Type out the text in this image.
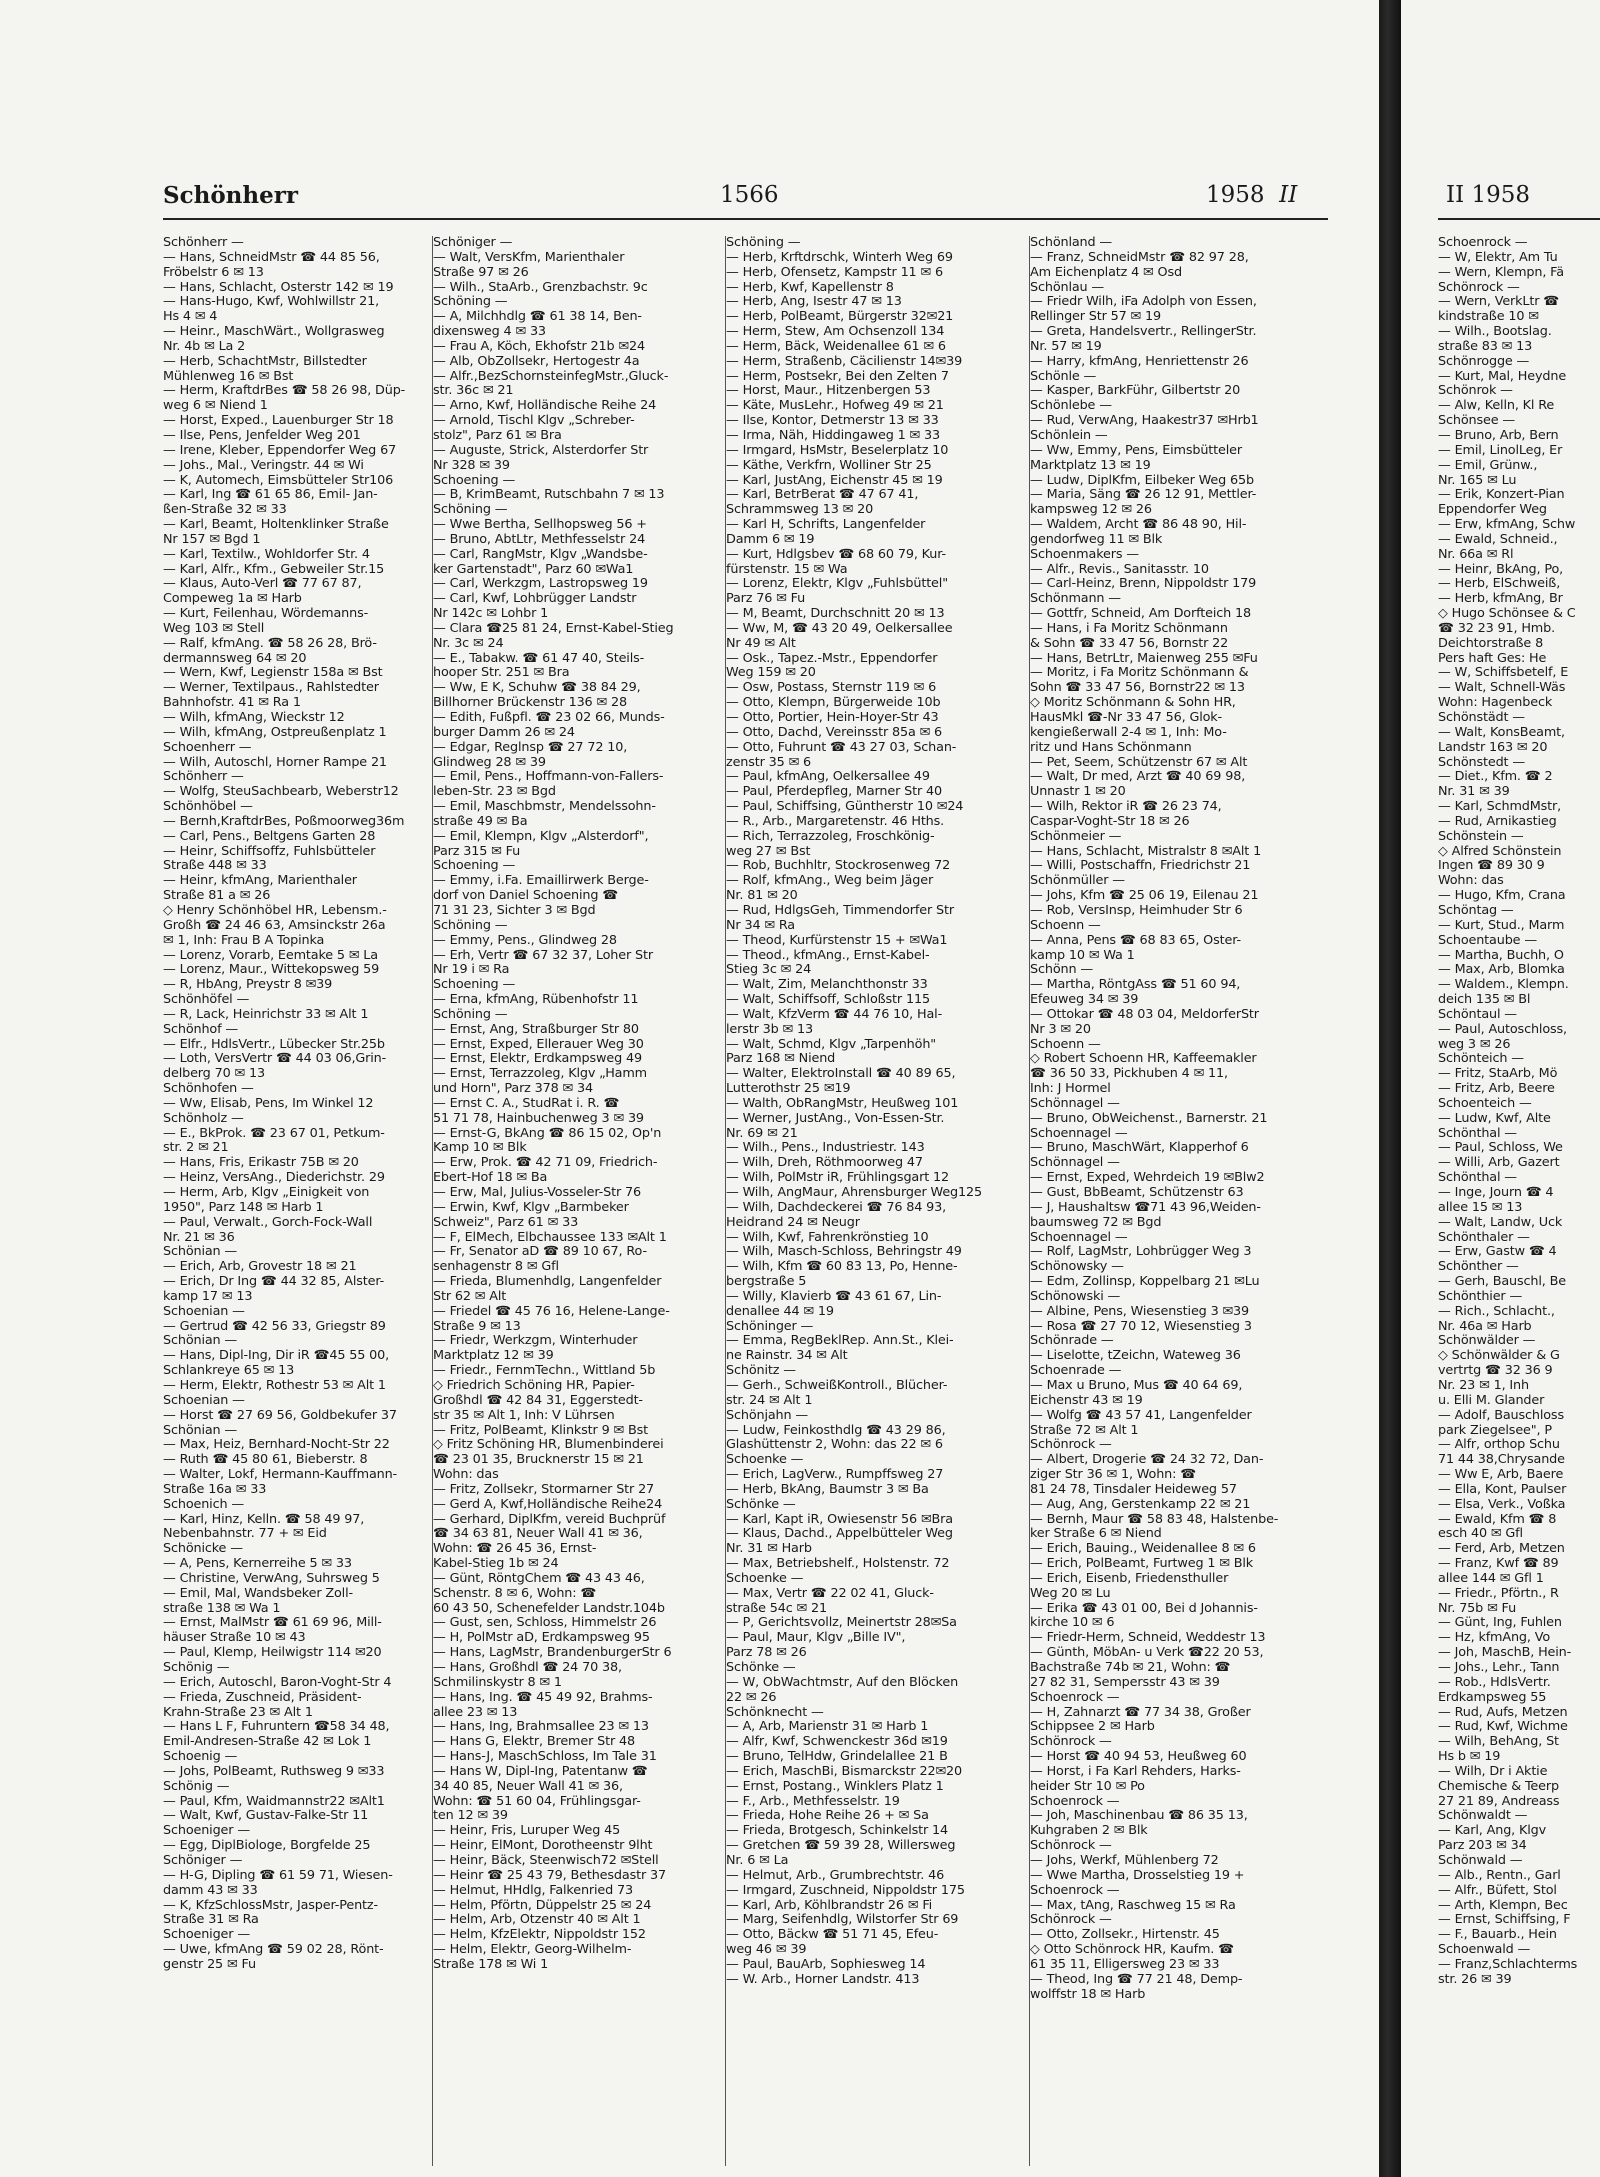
Schönherr	1566	1958 II	II 1958
Schönherr —
— Hans, SchneidMstr ☎ 44 85 56,
Fröbelstr 6 ✉ 13
— Hans, Schlacht, Osterstr 142 ✉ 19
— Hans-Hugo, Kwf, Wohlwillstr 21,
Hs 4 ✉ 4
— Heinr., MaschWärt., Wollgrasweg
Nr. 4b ✉ La 2
— Herb, SchachtMstr, Billstedter
Mühlenweg 16 ✉ Bst
— Herm, KraftdrBes ☎ 58 26 98, Düp-
weg 6 ✉ Niend 1
— Horst, Exped., Lauenburger Str 18
— Ilse, Pens, Jenfelder Weg 201
— Irene, Kleber, Eppendorfer Weg 67
— Johs., Mal., Veringstr. 44 ✉ Wi
— K, Automech, Eimsbütteler Str106
— Karl, Ing ☎ 61 65 86, Emil- Jan-
ßen-Straße 32 ✉ 33
— Karl, Beamt, Holtenklinker Straße
Nr 157 ✉ Bgd 1
— Karl, Textilw., Wohldorfer Str. 4
— Karl, Alfr., Kfm., Gebweiler Str.15
— Klaus, Auto-Verl ☎ 77 67 87,
Compeweg 1a ✉ Harb
— Kurt, Feilenhau, Wördemanns-
Weg 103 ✉ Stell
— Ralf, kfmAng. ☎ 58 26 28, Brö-
dermannsweg 64 ✉ 20
— Wern, Kwf, Legienstr 158a ✉ Bst
— Werner, Textilpaus., Rahlstedter
Bahnhofstr. 41 ✉ Ra 1
— Wilh, kfmAng, Wieckstr 12
— Wilh, kfmAng, Ostpreußenplatz 1
Schoenherr —
— Wilh, Autoschl, Horner Rampe 21
Schönherr —
— Wolfg, SteuSachbearb, Weberstr12
Schönhöbel —
— Bernh,KraftdrBes, Poßmoorweg36m
— Carl, Pens., Beltgens Garten 28
— Heinr, Schiffsoffz, Fuhlsbütteler
Straße 448 ✉ 33
— Heinr, kfmAng, Marienthaler
Straße 81 a ✉ 26
◇ Henry Schönhöbel HR, Lebensm.-
Großh ☎ 24 46 63, Amsinckstr 26a
✉ 1, Inh: Frau B A Topinka
— Lorenz, Vorarb, Eemtake 5 ✉ La
— Lorenz, Maur., Wittekopsweg 59
— R, HbAng, Preystr 8 ✉39
Schönhöfel —
— R, Lack, Heinrichstr 33 ✉ Alt 1
Schönhof —
— Elfr., HdlsVertr., Lübecker Str.25b
— Loth, VersVertr ☎ 44 03 06,Grin-
delberg 70 ✉ 13
Schönhofen —
— Ww, Elisab, Pens, Im Winkel 12
Schönholz —
— E., BkProk. ☎ 23 67 01, Petkum-
str. 2 ✉ 21
— Hans, Fris, Erikastr 75B ✉ 20
— Heinz, VersAng., Diederichstr. 29
— Herm, Arb, Klgv „Einigkeit von
1950", Parz 148 ✉ Harb 1
— Paul, Verwalt., Gorch-Fock-Wall
Nr. 21 ✉ 36
Schönian —
— Erich, Arb, Grovestr 18 ✉ 21
— Erich, Dr Ing ☎ 44 32 85, Alster-
kamp 17 ✉ 13
Schoenian —
— Gertrud ☎ 42 56 33, Griegstr 89
Schönian —
— Hans, Dipl-Ing, Dir iR ☎45 55 00,
Schlankreye 65 ✉ 13
— Herm, Elektr, Rothestr 53 ✉ Alt 1
Schoenian —
— Horst ☎ 27 69 56, Goldbekufer 37
Schönian —
— Max, Heiz, Bernhard-Nocht-Str 22
— Ruth ☎ 45 80 61, Bieberstr. 8
— Walter, Lokf, Hermann-Kauffmann-
Straße 16a ✉ 33
Schoenich —
— Karl, Hinz, Kelln. ☎ 58 49 97,
Nebenbahnstr. 77 + ✉ Eid
Schönicke —
— A, Pens, Kernerreihe 5 ✉ 33
— Christine, VerwAng, Suhrsweg 5
— Emil, Mal, Wandsbeker Zoll-
straße 138 ✉ Wa 1
— Ernst, MalMstr ☎ 61 69 96, Mill-
häuser Straße 10 ✉ 43
— Paul, Klemp, Heilwigstr 114 ✉20
Schönig —
— Erich, Autoschl, Baron-Voght-Str 4
— Frieda, Zuschneid, Präsident-
Krahn-Straße 23 ✉ Alt 1
— Hans L F, Fuhruntern ☎58 34 48,
Emil-Andresen-Straße 42 ✉ Lok 1
Schoenig —
— Johs, PolBeamt, Ruthsweg 9 ✉33
Schönig —
— Paul, Kfm, Waidmannstr22 ✉Alt1
— Walt, Kwf, Gustav-Falke-Str 11
Schoeniger —
— Egg, DiplBiologe, Borgfelde 25
Schöniger —
— H-G, Dipling ☎ 61 59 71, Wiesen-
damm 43 ✉ 33
— K, KfzSchlossMstr, Jasper-Pentz-
Straße 31 ✉ Ra
Schoeniger —
— Uwe, kfmAng ☎ 59 02 28, Rönt-
genstr 25 ✉ Fu
Schöniger —
— Walt, VersKfm, Marienthaler
Straße 97 ✉ 26
— Wilh., StaArb., Grenzbachstr. 9c
Schöning —
— A, Milchhdlg ☎ 61 38 14, Ben-
dixensweg 4 ✉ 33
— Frau A, Köch, Ekhofstr 21b ✉24
— Alb, ObZollsekr, Hertogestr 4a
— Alfr.,BezSchornsteinfegMstr.,Gluck-
str. 36c ✉ 21
— Arno, Kwf, Holländische Reihe 24
— Arnold, Tischl Klgv „Schreber-
stolz", Parz 61 ✉ Bra
— Auguste, Strick, Alsterdorfer Str
Nr 328 ✉ 39
Schoening —
— B, KrimBeamt, Rutschbahn 7 ✉ 13
Schöning —
— Wwe Bertha, Sellhopsweg 56 +
— Bruno, AbtLtr, Methfesselstr 24
— Carl, RangMstr, Klgv „Wandsbe-
ker Gartenstadt", Parz 60 ✉Wa1
— Carl, Werkzgm, Lastropsweg 19
— Carl, Kwf, Lohbrügger Landstr
Nr 142c ✉ Lohbr 1
— Clara ☎25 81 24, Ernst-Kabel-Stieg
Nr. 3c ✉ 24
— E., Tabakw. ☎ 61 47 40, Steils-
hooper Str. 251 ✉ Bra
— Ww, E K, Schuhw ☎ 38 84 29,
Billhorner Brückenstr 136 ✉ 28
— Edith, Fußpfl. ☎ 23 02 66, Munds-
burger Damm 26 ✉ 24
— Edgar, Reglnsp ☎ 27 72 10,
Glindweg 28 ✉ 39
— Emil, Pens., Hoffmann-von-Fallers-
leben-Str. 23 ✉ Bgd
— Emil, Maschbmstr, Mendelssohn-
straße 49 ✉ Ba
— Emil, Klempn, Klgv „Alsterdorf",
Parz 315 ✉ Fu
Schoening —
— Emmy, i.Fa. Emaillirwerk Berge-
dorf von Daniel Schoening ☎
71 31 23, Sichter 3 ✉ Bgd
Schöning —
— Emmy, Pens., Glindweg 28
— Erh, Vertr ☎ 67 32 37, Loher Str
Nr 19 i ✉ Ra
Schoening —
— Erna, kfmAng, Rübenhofstr 11
Schöning —
— Ernst, Ang, Straßburger Str 80
— Ernst, Exped, Ellerauer Weg 30
— Ernst, Elektr, Erdkampsweg 49
— Ernst, Terrazzoleg, Klgv „Hamm
und Horn", Parz 378 ✉ 34
— Ernst C. A., StudRat i. R. ☎
51 71 78, Hainbuchenweg 3 ✉ 39
— Ernst-G, BkAng ☎ 86 15 02, Op'n
Kamp 10 ✉ Blk
— Erw, Prok. ☎ 42 71 09, Friedrich-
Ebert-Hof 18 ✉ Ba
— Erw, Mal, Julius-Vosseler-Str 76
— Erwin, Kwf, Klgv „Barmbeker
Schweiz", Parz 61 ✉ 33
— F, ElMech, Elbchaussee 133 ✉Alt 1
— Fr, Senator aD ☎ 89 10 67, Ro-
senhagenstr 8 ✉ Gfl
— Frieda, Blumenhdlg, Langenfelder
Str 62 ✉ Alt
— Friedel ☎ 45 76 16, Helene-Lange-
Straße 9 ✉ 13
— Friedr, Werkzgm, Winterhuder
Marktplatz 12 ✉ 39
— Friedr., FernmTechn., Wittland 5b
◇ Friedrich Schöning HR, Papier-
Großhdl ☎ 42 84 31, Eggerstedt-
str 35 ✉ Alt 1, Inh: V Lührsen
— Fritz, PolBeamt, Klinkstr 9 ✉ Bst
◇ Fritz Schöning HR, Blumenbinderei
☎ 23 01 35, Brucknerstr 15 ✉ 21
Wohn: das
— Fritz, Zollsekr, Stormarner Str 27
— Gerd A, Kwf,Holländische Reihe24
— Gerhard, DiplKfm, vereid Buchprüf
☎ 34 63 81, Neuer Wall 41 ✉ 36,
Wohn: ☎ 26 45 36, Ernst-
Kabel-Stieg 1b ✉ 24
— Günt, RöntgChem ☎ 43 43 46,
Schenstr. 8 ✉ 6, Wohn: ☎
60 43 50, Schenefelder Landstr.104b
— Gust, sen, Schloss, Himmelstr 26
— H, PolMstr aD, Erdkampsweg 95
— Hans, LagMstr, BrandenburgerStr 6
— Hans, Großhdl ☎ 24 70 38,
Schmilinskystr 8 ✉ 1
— Hans, Ing. ☎ 45 49 92, Brahms-
allee 23 ✉ 13
— Hans, Ing, Brahmsallee 23 ✉ 13
— Hans G, Elektr, Bremer Str 48
— Hans-J, MaschSchloss, Im Tale 31
— Hans W, Dipl-Ing, Patentanw ☎
34 40 85, Neuer Wall 41 ✉ 36,
Wohn: ☎ 51 60 04, Frühlingsgar-
ten 12 ✉ 39
— Heinr, Fris, Luruper Weg 45
— Heinr, ElMont, Dorotheenstr 9lht
— Heinr, Bäck, Steenwisch72 ✉Stell
— Heinr ☎ 25 43 79, Bethesdastr 37
— Helmut, HHdlg, Falkenried 73
— Helm, Pförtn, Düppelstr 25 ✉ 24
— Helm, Arb, Otzenstr 40 ✉ Alt 1
— Helm, KfzElektr, Nippoldstr 152
— Helm, Elektr, Georg-Wilhelm-
Straße 178 ✉ Wi 1
Schöning —
— Herb, Krftdrschk, Winterh Weg 69
— Herb, Ofensetz, Kampstr 11 ✉ 6
— Herb, Kwf, Kapellenstr 8
— Herb, Ang, Isestr 47 ✉ 13
— Herb, PolBeamt, Bürgerstr 32✉21
— Herm, Stew, Am Ochsenzoll 134
— Herm, Bäck, Weidenallee 61 ✉ 6
— Herm, Straßenb, Cäcilienstr 14✉39
— Herm, Postsekr, Bei den Zelten 7
— Horst, Maur., Hitzenbergen 53
— Käte, MusLehr., Hofweg 49 ✉ 21
— Ilse, Kontor, Detmerstr 13 ✉ 33
— Irma, Näh, Hiddingaweg 1 ✉ 33
— Irmgard, HsMstr, Beselerplatz 10
— Käthe, Verkfrn, Wolliner Str 25
— Karl, JustAng, Eichenstr 45 ✉ 19
— Karl, BetrBerat ☎ 47 67 41,
Schrammsweg 13 ✉ 20
— Karl H, Schrifts, Langenfelder
Damm 6 ✉ 19
— Kurt, Hdlgsbev ☎ 68 60 79, Kur-
fürstenstr. 15 ✉ Wa
— Lorenz, Elektr, Klgv „Fuhlsbüttel"
Parz 76 ✉ Fu
— M, Beamt, Durchschnitt 20 ✉ 13
— Ww, M, ☎ 43 20 49, Oelkersallee
Nr 49 ✉ Alt
— Osk., Tapez.-Mstr., Eppendorfer
Weg 159 ✉ 20
— Osw, Postass, Sternstr 119 ✉ 6
— Otto, Klempn, Bürgerweide 10b
— Otto, Portier, Hein-Hoyer-Str 43
— Otto, Dachd, Vereinsstr 85a ✉ 6
— Otto, Fuhrunt ☎ 43 27 03, Schan-
zenstr 35 ✉ 6
— Paul, kfmAng, Oelkersallee 49
— Paul, Pferdepfleg, Marner Str 40
— Paul, Schiffsing, Güntherstr 10 ✉24
— R., Arb., Margaretenstr. 46 Hths.
— Rich, Terrazzoleg, Froschkönig-
weg 27 ✉ Bst
— Rob, Buchhltr, Stockrosenweg 72
— Rolf, kfmAng., Weg beim Jäger
Nr. 81 ✉ 20
— Rud, HdlgsGeh, Timmendorfer Str
Nr 34 ✉ Ra
— Theod, Kurfürstenstr 15 + ✉Wa1
— Theod., kfmAng., Ernst-Kabel-
Stieg 3c ✉ 24
— Walt, Zim, Melanchthonstr 33
— Walt, Schiffsoff, Schloßstr 115
— Walt, KfzVerm ☎ 44 76 10, Hal-
lerstr 3b ✉ 13
— Walt, Schmd, Klgv „Tarpenhöh"
Parz 168 ✉ Niend
— Walter, ElektroInstall ☎ 40 89 65,
Lutterothstr 25 ✉19
— Walth, ObRangMstr, Heußweg 101
— Werner, JustAng., Von-Essen-Str.
Nr. 69 ✉ 21
— Wilh., Pens., Industriestr. 143
— Wilh, Dreh, Röthmoorweg 47
— Wilh, PolMstr iR, Frühlingsgart 12
— Wilh, AngMaur, Ahrensburger Weg125
— Wilh, Dachdeckerei ☎ 76 84 93,
Heidrand 24 ✉ Neugr
— Wilh, Kwf, Fahrenkrönstieg 10
— Wilh, Masch-Schloss, Behringstr 49
— Wilh, Kfm ☎ 60 83 13, Po, Henne-
bergstraße 5
— Willy, Klavierb ☎ 43 61 67, Lin-
denallee 44 ✉ 19
Schöninger —
— Emma, RegBeklRep. Ann.St., Klei-
ne Rainstr. 34 ✉ Alt
Schönitz —
— Gerh., SchweißKontroll., Blücher-
str. 24 ✉ Alt 1
Schönjahn —
— Ludw, Feinkosthdlg ☎ 43 29 86,
Glashüttenstr 2, Wohn: das 22 ✉ 6
Schoenke —
— Erich, LagVerw., Rumpffsweg 27
— Herb, BkAng, Baumstr 3 ✉ Ba
Schönke —
— Karl, Kapt iR, Owiesenstr 56 ✉Bra
— Klaus, Dachd., Appelbütteler Weg
Nr. 31 ✉ Harb
— Max, Betriebshelf., Holstenstr. 72
Schoenke —
— Max, Vertr ☎ 22 02 41, Gluck-
straße 54c ✉ 21
— P, Gerichtsvollz, Meinertstr 28✉Sa
— Paul, Maur, Klgv „Bille IV",
Parz 78 ✉ 26
Schönke —
— W, ObWachtmstr, Auf den Blöcken
22 ✉ 26
Schönknecht —
— A, Arb, Marienstr 31 ✉ Harb 1
— Alfr, Kwf, Schwenckestr 36d ✉19
— Bruno, TelHdw, Grindelallee 21 B
— Erich, MaschBi, Bismarckstr 22✉20
— Ernst, Postang., Winklers Platz 1
— F., Arb., Methfesselstr. 19
— Frieda, Hohe Reihe 26 + ✉ Sa
— Frieda, Brotgesch, Schinkelstr 14
— Gretchen ☎ 59 39 28, Willersweg
Nr. 6 ✉ La
— Helmut, Arb., Grumbrechtstr. 46
— Irmgard, Zuschneid, Nippoldstr 175
— Karl, Arb, Köhlbrandstr 26 ✉ Fi
— Marg, Seifenhdlg, Wilstorfer Str 69
— Otto, Bäckw ☎ 51 71 45, Efeu-
weg 46 ✉ 39
— Paul, BauArb, Sophiesweg 14
— W. Arb., Horner Landstr. 413
Schönland —
— Franz, SchneidMstr ☎ 82 97 28,
Am Eichenplatz 4 ✉ Osd
Schönlau —
— Friedr Wilh, iFa Adolph von Essen,
Rellinger Str 57 ✉ 19
— Greta, Handelsvertr., RellingerStr.
Nr. 57 ✉ 19
— Harry, kfmAng, Henriettenstr 26
Schönle —
— Kasper, BarkFühr, Gilbertstr 20
Schönlebe —
— Rud, VerwAng, Haakestr37 ✉Hrb1
Schönlein —
— Ww, Emmy, Pens, Eimsbütteler
Marktplatz 13 ✉ 19
— Ludw, DiplKfm, Eilbeker Weg 65b
— Maria, Säng ☎ 26 12 91, Mettler-
kampsweg 12 ✉ 26
— Waldem, Archt ☎ 86 48 90, Hil-
gendorfweg 11 ✉ Blk
Schoenmakers —
— Alfr., Revis., Sanitasstr. 10
— Carl-Heinz, Brenn, Nippoldstr 179
Schönmann —
— Gottfr, Schneid, Am Dorfteich 18
— Hans, i Fa Moritz Schönmann
& Sohn ☎ 33 47 56, Bornstr 22
— Hans, BetrLtr, Maienweg 255 ✉Fu
— Moritz, i Fa Moritz Schönmann &
Sohn ☎ 33 47 56, Bornstr22 ✉ 13
◇ Moritz Schönmann & Sohn HR,
HausMkl ☎-Nr 33 47 56, Glok-
kengießerwall 2-4 ✉ 1, Inh: Mo-
ritz und Hans Schönmann
— Pet, Seem, Schützenstr 67 ✉ Alt
— Walt, Dr med, Arzt ☎ 40 69 98,
Unnastr 1 ✉ 20
— Wilh, Rektor iR ☎ 26 23 74,
Caspar-Voght-Str 18 ✉ 26
Schönmeier —
— Hans, Schlacht, Mistralstr 8 ✉Alt 1
— Willi, Postschaffn, Friedrichstr 21
Schönmüller —
— Johs, Kfm ☎ 25 06 19, Eilenau 21
— Rob, VersInsp, Heimhuder Str 6
Schoenn —
— Anna, Pens ☎ 68 83 65, Oster-
kamp 10 ✉ Wa 1
Schönn —
— Martha, RöntgAss ☎ 51 60 94,
Efeuweg 34 ✉ 39
— Ottokar ☎ 48 03 04, MeldorferStr
Nr 3 ✉ 20
Schoenn —
◇ Robert Schoenn HR, Kaffeemakler
☎ 36 50 33, Pickhuben 4 ✉ 11,
Inh: J Hormel
Schönnagel —
— Bruno, ObWeichenst., Barnerstr. 21
Schoennagel —
— Bruno, MaschWärt, Klapperhof 6
Schönnagel —
— Ernst, Exped, Wehrdeich 19 ✉Blw2
— Gust, BbBeamt, Schützenstr 63
— J, Haushaltsw ☎71 43 96,Weiden-
baumsweg 72 ✉ Bgd
Schoennagel —
— Rolf, LagMstr, Lohbrügger Weg 3
Schönowsky —
— Edm, Zollinsp, Koppelbarg 21 ✉Lu
Schönowski —
— Albine, Pens, Wiesenstieg 3 ✉39
— Rosa ☎ 27 70 12, Wiesenstieg 3
Schönrade —
— Liselotte, tZeichn, Wateweg 36
Schoenrade —
— Max u Bruno, Mus ☎ 40 64 69,
Eichenstr 43 ✉ 19
— Wolfg ☎ 43 57 41, Langenfelder
Straße 72 ✉ Alt 1
Schönrock —
— Albert, Drogerie ☎ 24 32 72, Dan-
ziger Str 36 ✉ 1, Wohn: ☎
81 24 78, Tinsdaler Heideweg 57
— Aug, Ang, Gerstenkamp 22 ✉ 21
— Bernh, Maur ☎ 58 83 48, Halstenbe-
ker Straße 6 ✉ Niend
— Erich, Bauing., Weidenallee 8 ✉ 6
— Erich, PolBeamt, Furtweg 1 ✉ Blk
— Erich, Eisenb, Friedensthuller
Weg 20 ✉ Lu
— Erika ☎ 43 01 00, Bei d Johannis-
kirche 10 ✉ 6
— Friedr-Herm, Schneid, Weddestr 13
— Günth, MöbAn- u Verk ☎22 20 53,
Bachstraße 74b ✉ 21, Wohn: ☎
27 82 31, Sempersstr 43 ✉ 39
Schoenrock —
— H, Zahnarzt ☎ 77 34 38, Großer
Schippsee 2 ✉ Harb
Schönrock —
— Horst ☎ 40 94 53, Heußweg 60
— Horst, i Fa Karl Rehders, Harks-
heider Str 10 ✉ Po
Schoenrock —
— Joh, Maschinenbau ☎ 86 35 13,
Kuhgraben 2 ✉ Blk
Schönrock —
— Johs, Werkf, Mühlenberg 72
— Wwe Martha, Drosselstieg 19 +
Schoenrock —
— Max, tAng, Raschweg 15 ✉ Ra
Schönrock —
— Otto, Zollsekr., Hirtenstr. 45
◇ Otto Schönrock HR, Kaufm. ☎
61 35 11, Elligersweg 23 ✉ 33
— Theod, Ing ☎ 77 21 48, Demp-
wolffstr 18 ✉ Harb
Schoenrock —
— W, Elektr, Am Tu
— Wern, Klempn, Fä
Schönrock —
— Wern, VerkLtr ☎
kindstraße 10 ✉
— Wilh., Bootslag.
straße 83 ✉ 13
Schönrogge —
— Kurt, Mal, Heydne
Schönrok —
— Alw, Kelln, Kl Re
Schönsee —
— Bruno, Arb, Bern
— Emil, LinolLeg, Er
— Emil, Grünw.,
Nr. 165 ✉ Lu
— Erik, Konzert-Pian
Eppendorfer Weg
— Erw, kfmAng, Schw
— Ewald, Schneid.,
Nr. 66a ✉ Rl
— Heinr, BkAng, Po,
— Herb, ElSchweiß,
— Herb, kfmAng, Br
◇ Hugo Schönsee & C
☎ 32 23 91, Hmb.
Deichtorstraße 8
Pers haft Ges: He
— W, Schiffsbetelf, E
— Walt, Schnell-Wäs
Wohn: Hagenbeck
Schönstädt —
— Walt, KonsBeamt,
Landstr 163 ✉ 20
Schönstedt —
— Diet., Kfm. ☎ 2
Nr. 31 ✉ 39
— Karl, SchmdMstr,
— Rud, Arnikastieg
Schönstein —
◇ Alfred Schönstein
Ingen ☎ 89 30 9
Wohn: das
— Hugo, Kfm, Crana
Schöntag —
— Kurt, Stud., Marm
Schoentaube —
— Martha, Buchh, O
— Max, Arb, Blomka
— Waldem., Klempn.
deich 135 ✉ Bl
Schöntaul —
— Paul, Autoschloss,
weg 3 ✉ 26
Schönteich —
— Fritz, StaArb, Mö
— Fritz, Arb, Beere
Schoenteich —
— Ludw, Kwf, Alte
Schönthal —
— Paul, Schloss, We
— Willi, Arb, Gazert
Schönthal —
— Inge, Journ ☎ 4
allee 15 ✉ 13
— Walt, Landw, Uck
Schönthaler —
— Erw, Gastw ☎ 4
Schönther —
— Gerh, Bauschl, Be
Schönthier —
— Rich., Schlacht.,
Nr. 46a ✉ Harb
Schönwälder —
◇ Schönwälder & G
vertrtg ☎ 32 36 9
Nr. 23 ✉ 1, Inh
u. Elli M. Glander
— Adolf, Bauschloss
park Ziegelsee", P
— Alfr, orthop Schu
71 44 38,Chrysande
— Ww E, Arb, Baere
— Ella, Kont, Paulser
— Elsa, Verk., Voßka
— Ewald, Kfm ☎ 8
esch 40 ✉ Gfl
— Ferd, Arb, Metzen
— Franz, Kwf ☎ 89
allee 144 ✉ Gfl 1
— Friedr., Pförtn., R
Nr. 75b ✉ Fu
— Günt, Ing, Fuhlen
— Hz, kfmAng, Vo
— Joh, MaschB, Hein-
— Johs., Lehr., Tann
— Rob., HdlsVertr.
Erdkampsweg 55
— Rud, Aufs, Metzen
— Rud, Kwf, Wichme
— Wilh, BehAng, St
Hs b ✉ 19
— Wilh, Dr i Aktie
Chemische & Teerp
27 21 89, Andreass
Schönwaldt —
— Karl, Ang, Klgv
Parz 203 ✉ 34
Schönwald —
— Alb., Rentn., Garl
— Alfr., Büfett, Stol
— Arth, Klempn, Bec
— Ernst, Schiffsing, F
— F., Bauarb., Hein
Schoenwald —
— Franz,Schlachterms
str. 26 ✉ 39
